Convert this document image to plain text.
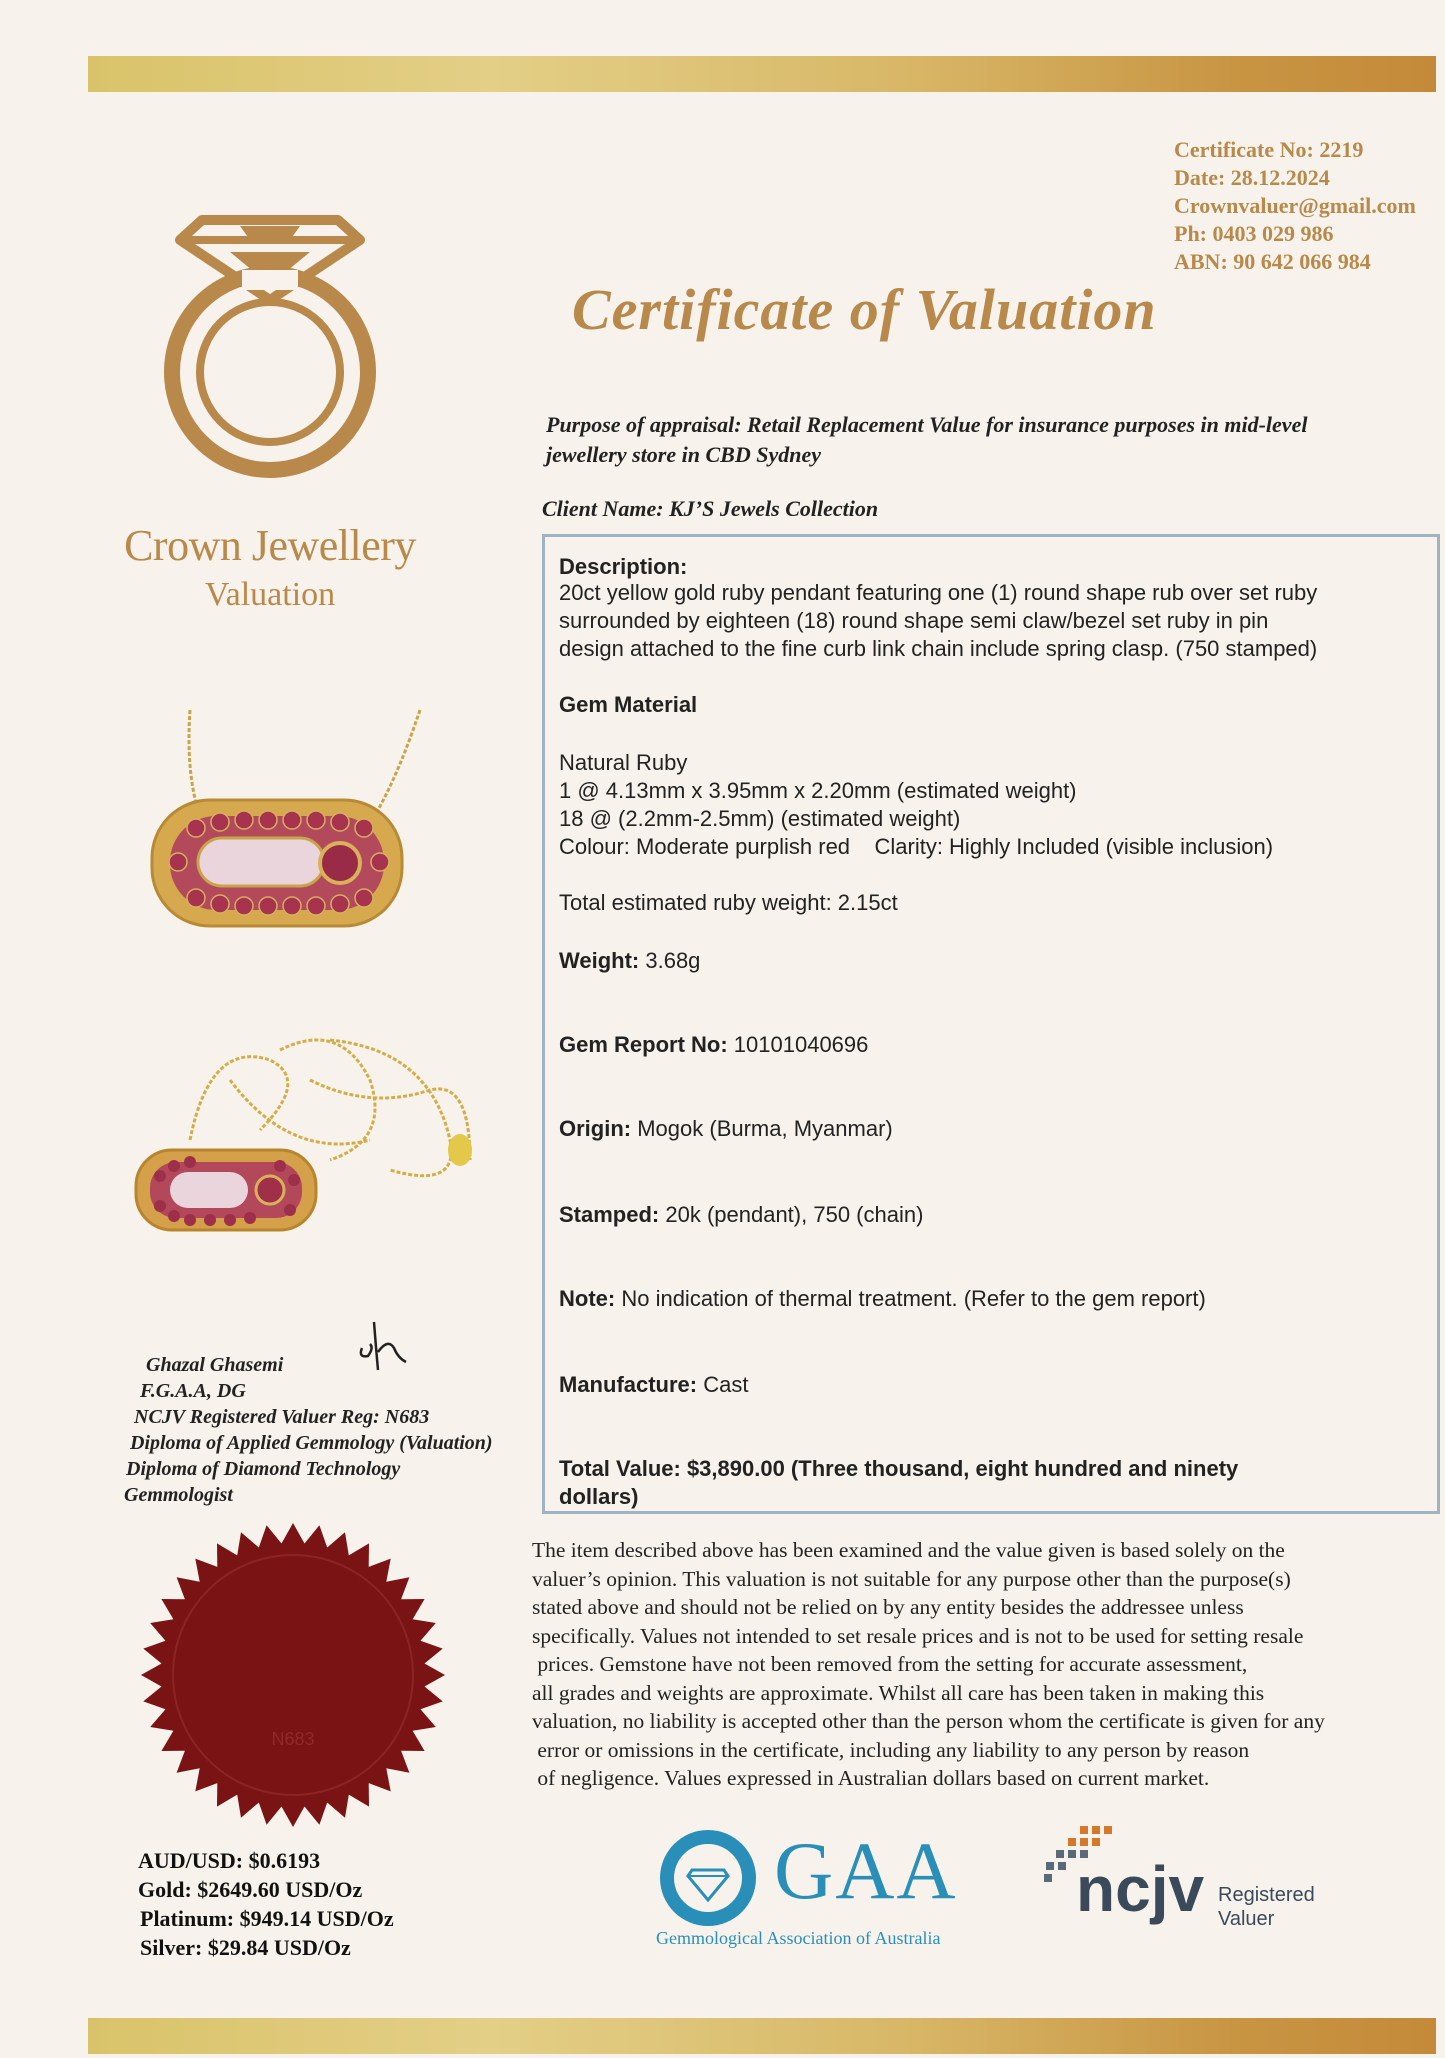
Certificate No: 2219
Date: 28.12.2024
Crownvaluer@gmail.com
Ph: 0403 029 986
ABN: 90 642 066 984
Certificate of Valuation
Crown Jewellery
Valuation
Ghazal Ghasemi
F.G.A.A, DG
NCJV Registered Valuer Reg: N683
Diploma of Applied Gemmology (Valuation)
Diploma of Diamond Technology
Gemmologist
N683
AUD/USD: $0.6193
Gold: $2649.60 USD/Oz
Platinum: $949.14 USD/Oz
Silver: $29.84 USD/Oz
Purpose of appraisal: Retail Replacement Value for insurance purposes in mid-level
jewellery store in CBD Sydney
Client Name: KJ’S Jewels Collection
Description:
20ct yellow gold ruby pendant featuring one (1) round shape rub over set ruby
surrounded by eighteen (18) round shape semi claw/bezel set ruby in pin
design attached to the fine curb link chain include spring clasp. (750 stamped)
Gem Material
Natural Ruby
1 @ 4.13mm x 3.95mm x 2.20mm (estimated weight)
18 @ (2.2mm-2.5mm) (estimated weight)
Colour: Moderate purplish red    Clarity: Highly Included (visible inclusion)
Total estimated ruby weight: 2.15ct
Weight: 3.68g
Gem Report No: 10101040696
Origin: Mogok (Burma, Myanmar)
Stamped: 20k (pendant), 750 (chain)
Note: No indication of thermal treatment. (Refer to the gem report)
Manufacture: Cast
Total Value: $3,890.00 (Three thousand, eight hundred and ninety
dollars)
The item described above has been examined and the value given is based solely on the
valuer’s opinion. This valuation is not suitable for any purpose other than the purpose(s)
stated above and should not be relied on by any entity besides the addressee unless
specifically. Values not intended to set resale prices and is not to be used for setting resale
prices. Gemstone have not been removed from the setting for accurate assessment,
all grades and weights are approximate. Whilst all care has been taken in making this
valuation, no liability is accepted other than the person whom the certificate is given for any
error or omissions in the certificate, including any liability to any person by reason
of negligence. Values expressed in Australian dollars based on current market.
GAA
Gemmological Association of Australia
ncjv Registered
Valuer
